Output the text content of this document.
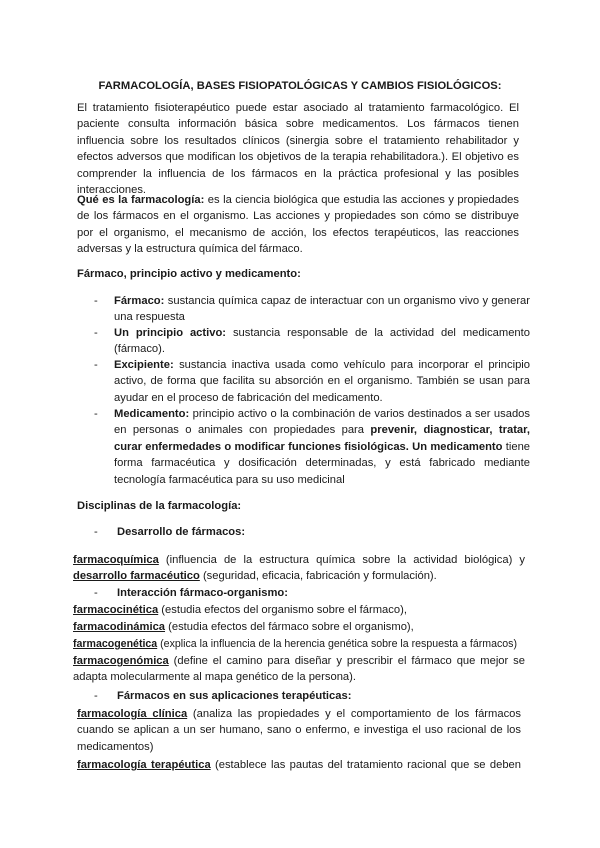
FARMACOLOGÍA, BASES FISIOPATOLÓGICAS Y CAMBIOS FISIOLÓGICOS:
El tratamiento fisioterapéutico puede estar asociado al tratamiento farmacológico. El paciente consulta información básica sobre medicamentos. Los fármacos tienen influencia sobre los resultados clínicos (sinergia sobre el tratamiento rehabilitador y efectos adversos que modifican los objetivos de la terapia rehabilitadora.). El objetivo es comprender la influencia de los fármacos en la práctica profesional y las posibles interacciones.
Qué es la farmacología: es la ciencia biológica que estudia las acciones y propiedades de los fármacos en el organismo. Las acciones y propiedades son cómo se distribuye por el organismo, el mecanismo de acción, los efectos terapéuticos, las reacciones adversas y la estructura química del fármaco.
Fármaco, principio activo y medicamento:
- Fármaco: sustancia química capaz de interactuar con un organismo vivo y generar una respuesta
- Un principio activo: sustancia responsable de la actividad del medicamento (fármaco).
- Excipiente: sustancia inactiva usada como vehículo para incorporar el principio activo, de forma que facilita su absorción en el organismo. También se usan para ayudar en el proceso de fabricación del medicamento.
- Medicamento: principio activo o la combinación de varios destinados a ser usados en personas o animales con propiedades para prevenir, diagnosticar, tratar, curar enfermedades o modificar funciones fisiológicas. Un medicamento tiene forma farmacéutica y dosificación determinadas, y está fabricado mediante tecnología farmacéutica para su uso medicinal
Disciplinas de la farmacología:
- Desarrollo de fármacos:
farmacoquímica (influencia de la estructura química sobre la actividad biológica) y
desarrollo farmacéutico (seguridad, eficacia, fabricación y formulación).
- Interacción fármaco-organismo:
farmacocinética (estudia efectos del organismo sobre el fármaco),
farmacodinámica (estudia efectos del fármaco sobre el organismo),
farmacogenética (explica la influencia de la herencia genética sobre la respuesta a fármacos)
farmacogenómica (define el camino para diseñar y prescribir el fármaco que mejor se adapta molecularmente al mapa genético de la persona).
- Fármacos en sus aplicaciones terapéuticas:
farmacología clínica (analiza las propiedades y el comportamiento de los fármacos cuando se aplican a un ser humano, sano o enfermo, e investiga el uso racional de los medicamentos)
farmacología terapéutica (establece las pautas del tratamiento racional que se deben
